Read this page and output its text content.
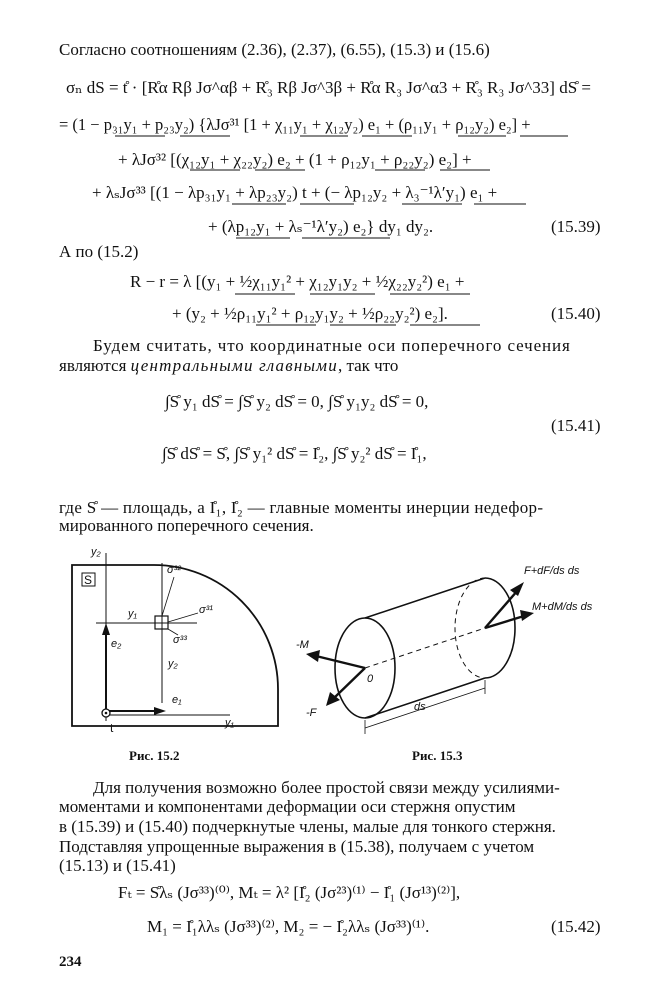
Согласно соотношениям (2.36), (2.37), (6.55), (15.3) и (15.6)
σₙ dS = t̊ · [R̊α Rβ Jσ^αβ + R̊₃ Rβ Jσ^3β + R̊α R₃ Jσ^α3 + R̊₃ R₃ Jσ^33] dS̊ =
= (1 − p₃₁y₁ + p₂₃y₂) {λJσ³¹ [1 + χ₁₁y₁ + χ₁₂y₂) e₁ + (ρ₁₁y₁ + ρ₁₂y₂) e₂] +
+ λJσ³² [(χ₁₂y₁ + χ₂₂y₂) e₂ + (1 + ρ₁₂y₁ + ρ₂₂y₂) e₂] +
+ λₛJσ³³ [(1 − λp₃₁y₁ + λp₂₃y₂) t + (− λp₁₂y₂ + λ₃⁻¹λ′y₁) e₁ +
+ (λp₁₂y₁ + λₛ⁻¹λ′y₂) e₂} dy₁ dy₂.	(15.39)
А по (15.2)
R − r = λ [(y₁ + ½χ₁₁y₁² + χ₁₂y₁y₂ + ½χ₂₂y₂²) e₁ +
+ (y₂ + ½ρ₁₁y₁² + ρ₁₂y₁y₂ + ½ρ₂₂y₂²) e₂].	(15.40)
Будем считать, что координатные оси поперечного сечения
являются центральными главными, так что
∫S̊ y₁ dS̊ = ∫S̊ y₂ dS̊ = 0, ∫S̊ y₁y₂ dS̊ = 0,
∫S̊ dS̊ = S̊, ∫S̊ y₁² dS̊ = I̊₂, ∫S̊ y₂² dS̊ = I̊₁,
(15.41)
где S̊ — площадь, а I̊₁, I̊₂ — главные моменты инерции недефор-
мированного поперечного сечения.
y₂
S
σ³²
σ³¹
σ³³
y₁
y₂
e₂
e₁
t	y₁
Рис. 15.2
-M
-F
0
ds
F+dF/ds ds
M+dM/ds ds
Рис. 15.3
Для получения возможно более простой связи между усилиями-
моментами и компонентами деформации оси стержня опустим
в (15.39) и (15.40) подчеркнутые члены, малые для тонкого стержня.
Подставляя упрощенные выражения в (15.38), получаем с учетом
(15.13) и (15.41)
Fₜ = S̊λₛ (Jσ³³)⁽⁰⁾, Mₜ = λ² [I̊₂ (Jσ²³)⁽¹⁾ − I̊₁ (Jσ¹³)⁽²⁾],
M₁ = I̊₁λλₛ (Jσ³³)⁽²⁾, M₂ = − I̊₂λλₛ (Jσ³³)⁽¹⁾.	(15.42)
234
